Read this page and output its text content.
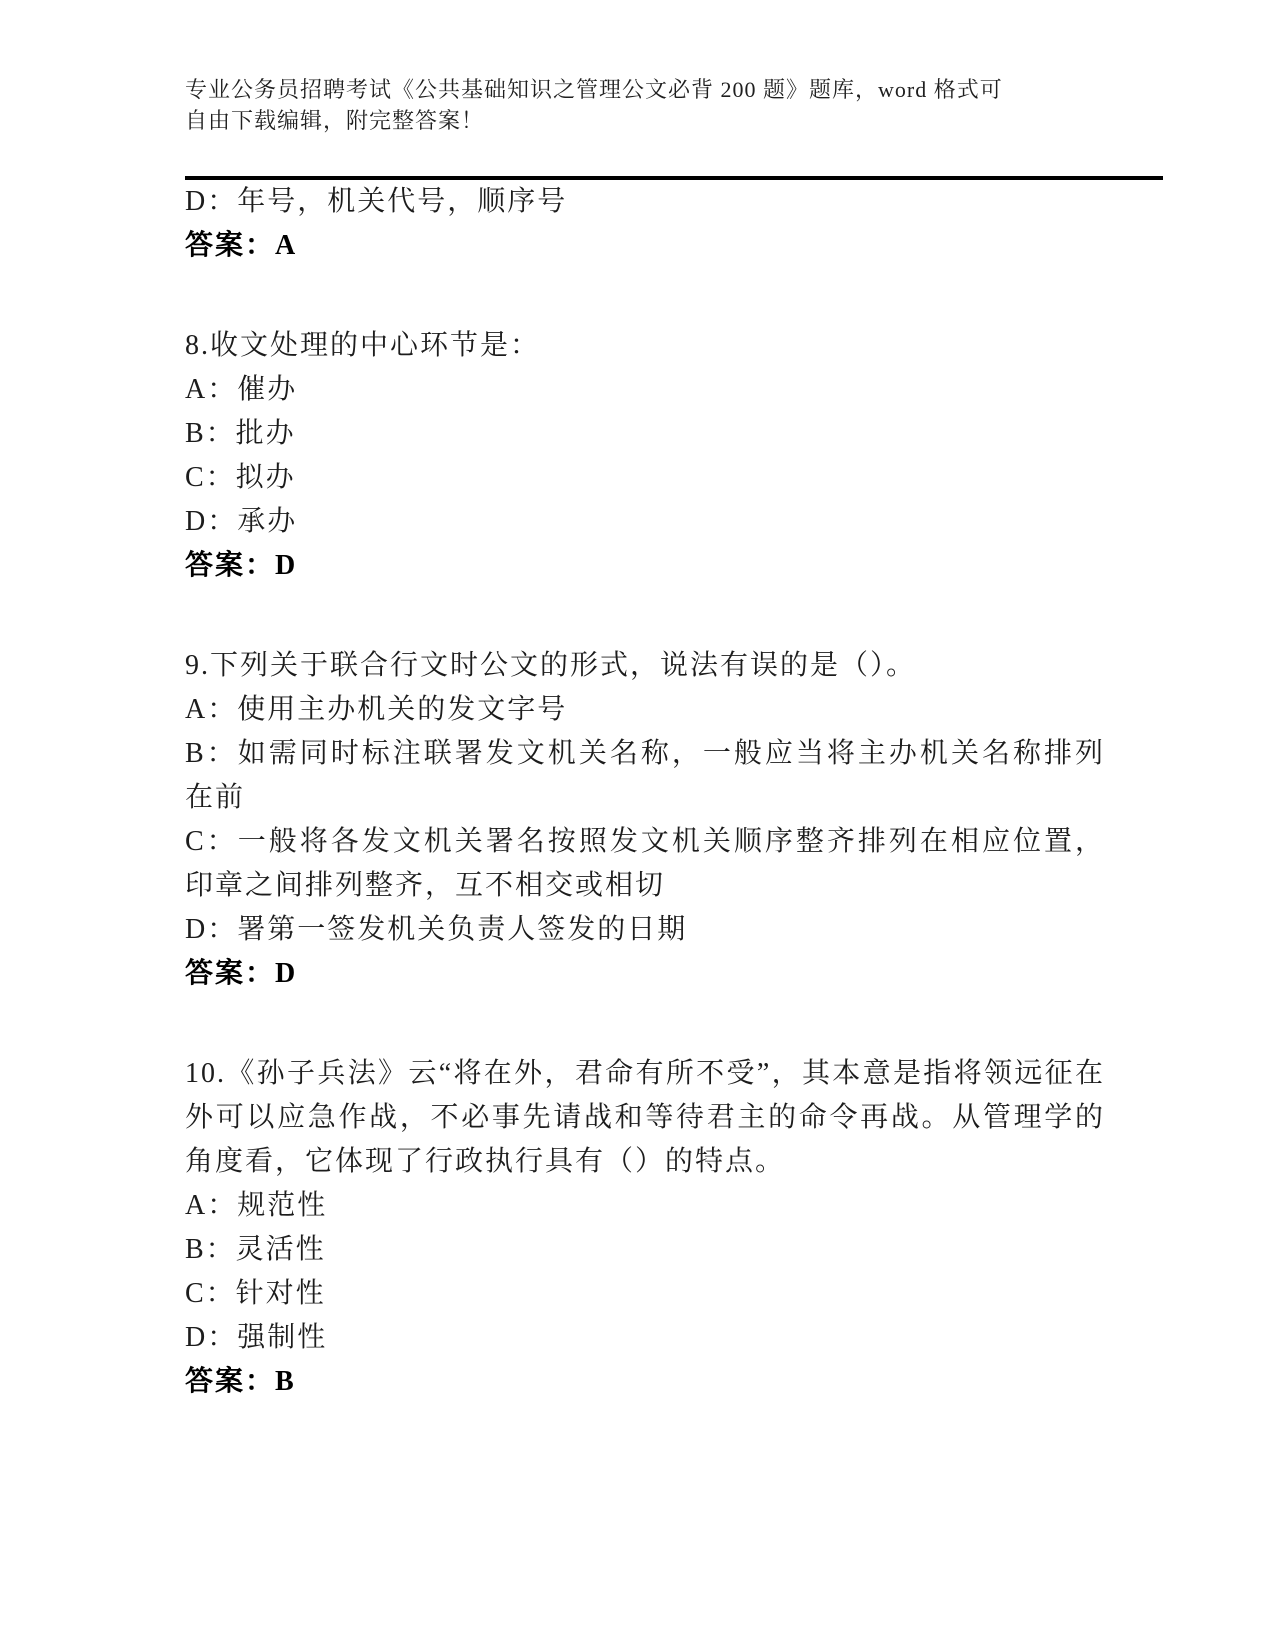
专业公务员招聘考试《公共基础知识之管理公文必背 200 题》题库，word 格式可
自由下载编辑，附完整答案！

D：年号，机关代号，顺序号

答案：A

8.收文处理的中心环节是：

A：催办

B：批办

C：拟办

D：承办

答案：D

9.下列关于联合行文时公文的形式，说法有误的是（）。

A：使用主办机关的发文字号

B：如需同时标注联署发文机关名称，一般应当将主办机关名称排列在前

C：一般将各发文机关署名按照发文机关顺序整齐排列在相应位置，印章之间排列整齐，互不相交或相切

D：署第一签发机关负责人签发的日期

答案：D

10.《孙子兵法》云“将在外，君命有所不受”，其本意是指将领远征在外可以应急作战，不必事先请战和等待君主的命令再战。从管理学的角度看，它体现了行政执行具有（）的特点。

A：规范性

B：灵活性

C：针对性

D：强制性

答案：B
